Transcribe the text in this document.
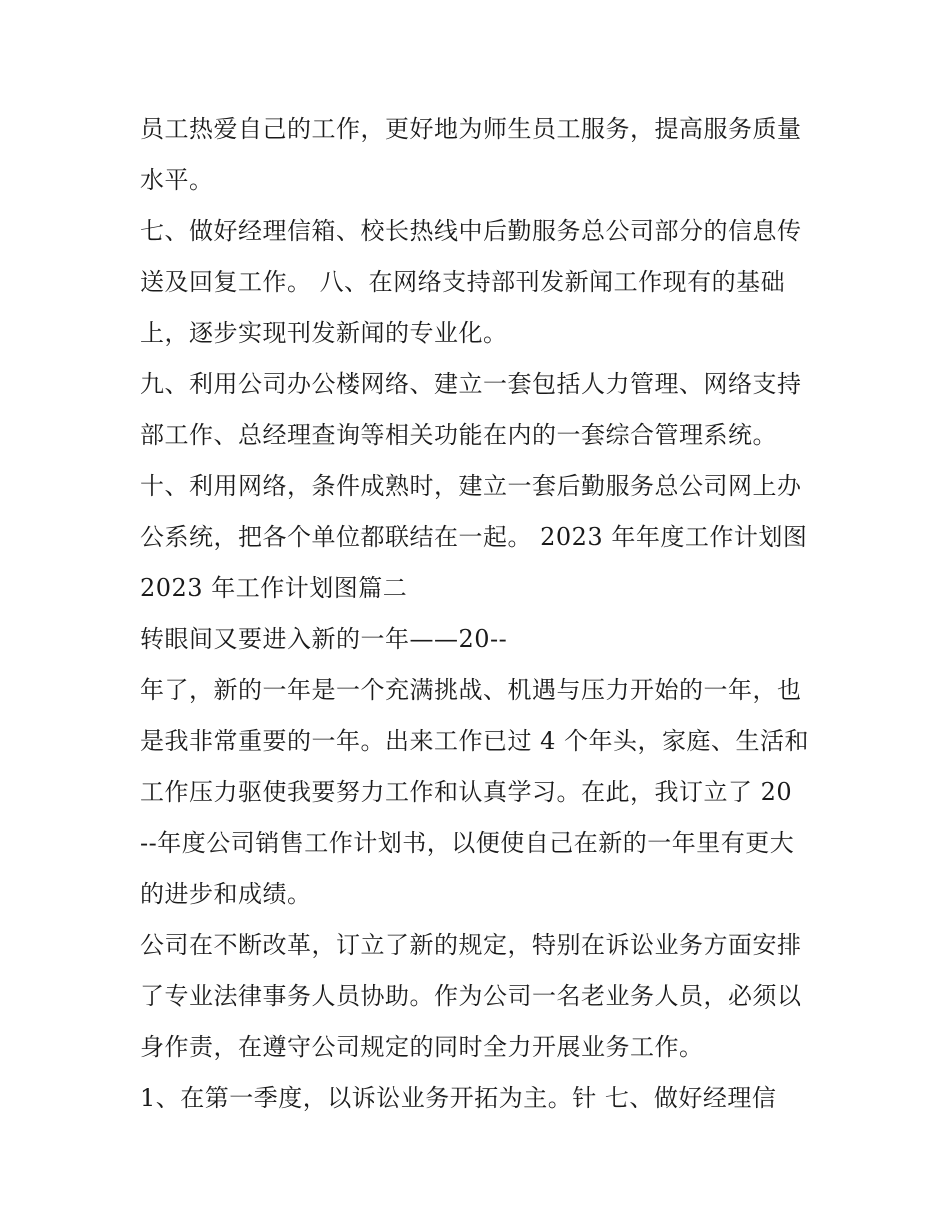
员工热爱自己的工作，更好地为师生员工服务，提高服务质量

水平。

七、做好经理信箱、校长热线中后勤服务总公司部分的信息传

送及回复工作。 八、在网络支持部刊发新闻工作现有的基础

上，逐步实现刊发新闻的专业化。

九、利用公司办公楼网络、建立一套包括人力管理、网络支持

部工作、总经理查询等相关功能在内的一套综合管理系统。

十、利用网络，条件成熟时，建立一套后勤服务总公司网上办

公系统，把各个单位都联结在一起。 2023 年年度工作计划图

2023 年工作计划图篇二

转眼间又要进入新的一年——20--

年了，新的一年是一个充满挑战、机遇与压力开始的一年，也

是我非常重要的一年。出来工作已过 4 个年头，家庭、生活和

工作压力驱使我要努力工作和认真学习。在此，我订立了 20

--年度公司销售工作计划书，以便使自己在新的一年里有更大

的进步和成绩。

公司在不断改革，订立了新的规定，特别在诉讼业务方面安排

了专业法律事务人员协助。作为公司一名老业务人员，必须以

身作责，在遵守公司规定的同时全力开展业务工作。

1、在第一季度，以诉讼业务开拓为主。针 七、做好经理信
